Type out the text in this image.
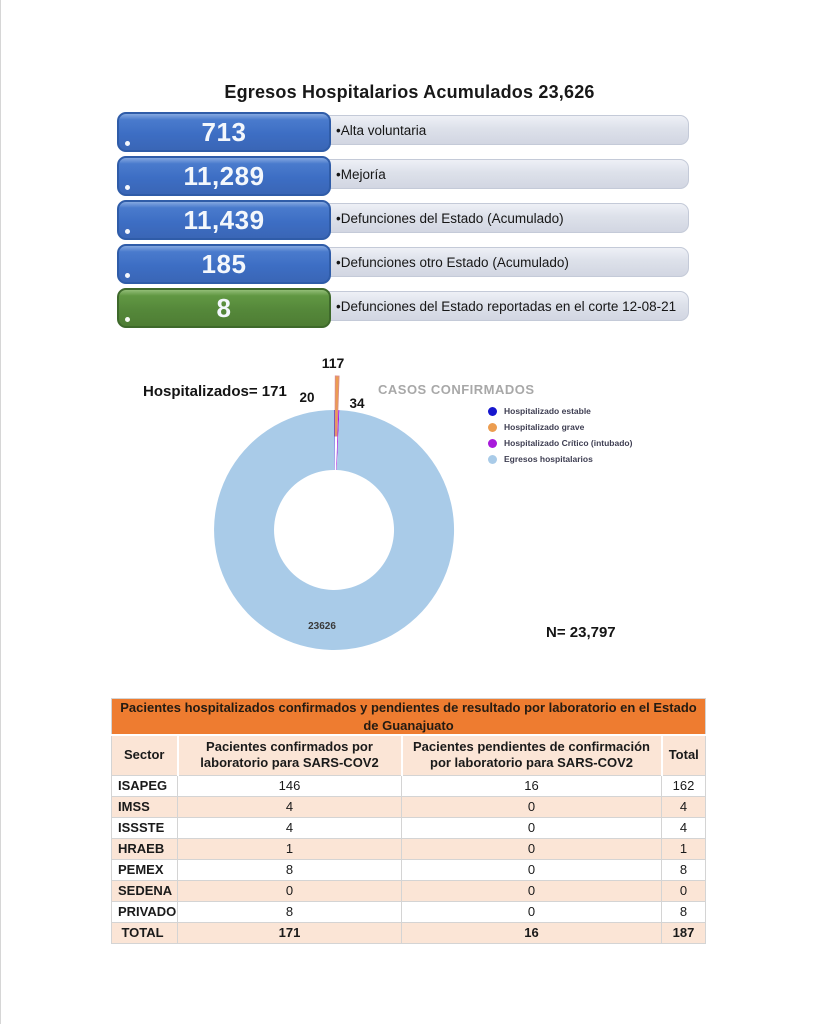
Egresos Hospitalarios Acumulados 23,626
•Alta voluntaria
713
•Mejoría
11,289
•Defunciones del Estado (Acumulado)
11,439
•Defunciones otro Estado (Acumulado)
185
•Defunciones del Estado reportadas en el corte 12-08-21
8
Hospitalizados= 171	CASOS CONFIRMADOS
117
20	34
23626
Hospitalizado estable
Hospitalizado grave
Hospitalizado Crítico (intubado)
Egresos hospitalarios
N= 23,797
Pacientes hospitalizados confirmados y pendientes de resultado por laboratorio en el Estado de Guanajuato			
Sector	Pacientes confirmados por laboratorio para SARS-COV2	Pacientes pendientes de confirmación por laboratorio para SARS-COV2	Total
ISAPEG	146	16	162
IMSS	4	0	4
ISSSTE	4	0	4
HRAEB	1	0	1
PEMEX	8	0	8
SEDENA	0	0	0
PRIVADO	8	0	8
TOTAL	171	16	187
